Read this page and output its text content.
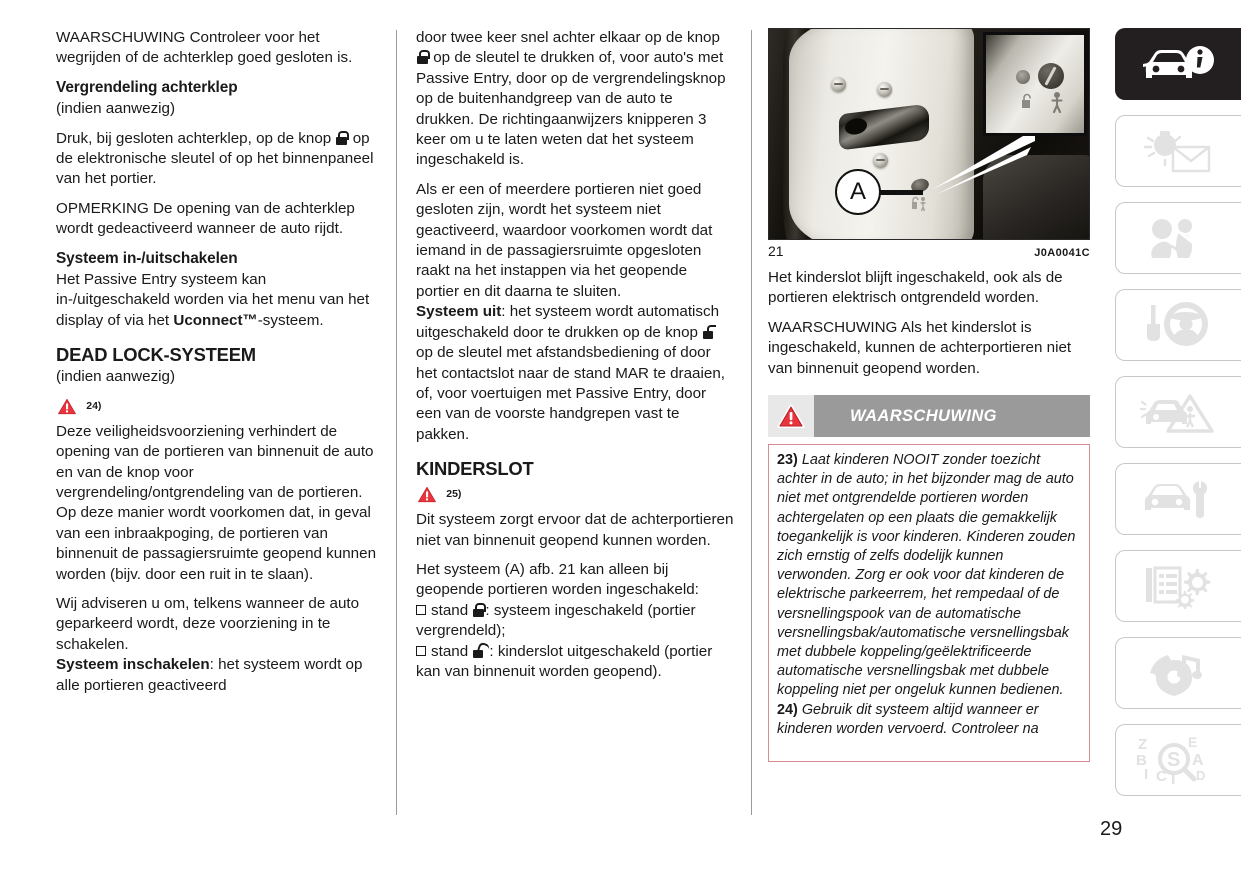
WAARSCHUWING Controleer voor het wegrijden of de achterklep goed gesloten is.

Vergrendeling achterklep

(indien aanwezig)

Druk, bij gesloten achterklep, op de knop op de elektronische sleutel of op het binnenpaneel van het portier.

OPMERKING De opening van de achterklep wordt gedeactiveerd wanneer de auto rijdt.

Systeem in-/uitschakelen

Het Passive Entry systeem kan in-/uitgeschakeld worden via het menu van het display of via het Uconnect™-systeem.

DEAD LOCK-SYSTEEM

(indien aanwezig)

24)

Deze veiligheidsvoorziening verhindert de opening van de portieren van binnenuit de auto en van de knop voor vergrendeling/ontgrendeling van de portieren. Op deze manier wordt voorkomen dat, in geval van een inbraakpoging, de portieren van binnenuit de passagiersruimte geopend kunnen worden (bijv. door een ruit in te slaan).

Wij adviseren u om, telkens wanneer de auto geparkeerd wordt, deze voorziening in te schakelen.

Systeem inschakelen: het systeem wordt op alle portieren geactiveerd

door twee keer snel achter elkaar op de knop  op de sleutel te drukken of, voor auto's met Passive Entry, door op de vergrendelingsknop op de buitenhandgreep van de auto te drukken. De richtingaanwijzers knipperen 3 keer om u te laten weten dat het systeem ingeschakeld is.

Als er een of meerdere portieren niet goed gesloten zijn, wordt het systeem niet geactiveerd, waardoor voorkomen wordt dat iemand in de passagiersruimte opgesloten raakt na het instappen via het geopende portier en dit daarna te sluiten.

Systeem uit: het systeem wordt automatisch uitgeschakeld door te drukken op de knop  op de sleutel met afstandsbediening of door het contactslot naar de stand MAR te draaien, of, voor voertuigen met Passive Entry, door een van de voorste handgrepen vast te pakken.

KINDERSLOT

25)

Dit systeem zorgt ervoor dat de achterportieren niet van binnenuit geopend kunnen worden.

Het systeem (A) afb. 21 kan alleen bij geopende portieren worden ingeschakeld:

stand : systeem ingeschakeld (portier vergrendeld);

stand : kinderslot uitgeschakeld (portier kan van binnenuit worden geopend).

A
21	J0A0041C

Het kinderslot blijft ingeschakeld, ook als de portieren elektrisch ontgrendeld worden.

WAARSCHUWING Als het kinderslot is ingeschakeld, kunnen de achterportieren niet van binnenuit geopend worden.

WAARSCHUWING

23) Laat kinderen NOOIT zonder toezicht achter in de auto; in het bijzonder mag de auto niet met ontgrendelde portieren worden achtergelaten op een plaats die gemakkelijk toegankelijk is voor kinderen. Kinderen zouden zich ernstig of zelfs dodelijk kunnen verwonden. Zorg er ook voor dat kinderen de elektrische parkeerrem, het rempedaal of de versnellingspook van de automatische versnellingsbak/automatische versnellingsbak met dubbele koppeling/geëlektrificeerde automatische versnellingsbak met dubbele koppeling niet per ongeluk kunnen bedienen.

24) Gebruik dit systeem altijd wanneer er kinderen worden vervoerd. Controleer na

Z
B
I C T
E
A
D
S
29
